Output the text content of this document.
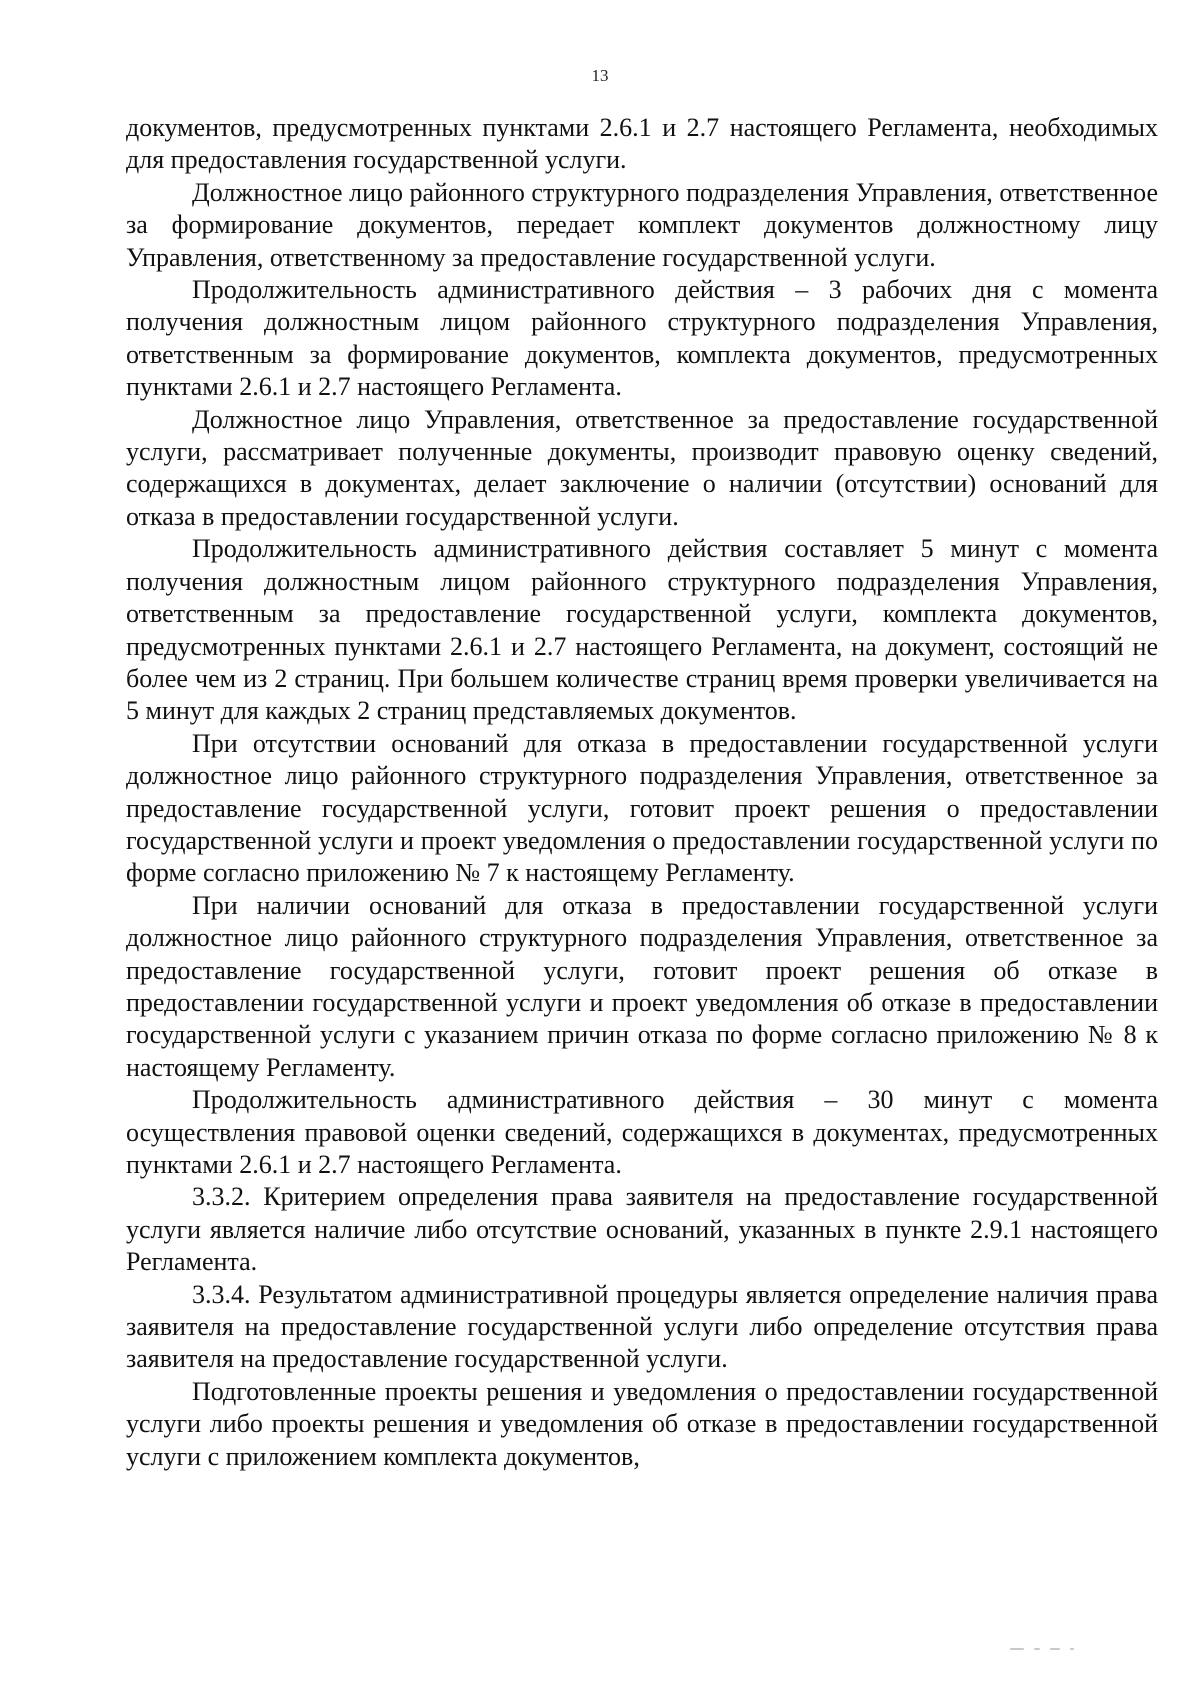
13

документов, предусмотренных пунктами 2.6.1 и 2.7 настоящего Регламента, необходимых для предоставления государственной услуги.

Должностное лицо районного структурного подразделения Управления, ответственное за формирование документов, передает комплект документов должностному лицу Управления, ответственному за предоставление государственной услуги.

Продолжительность административного действия – 3 рабочих дня с момента получения должностным лицом районного структурного подразделения Управления, ответственным за формирование документов, комплекта документов, предусмотренных пунктами 2.6.1 и 2.7 настоящего Регламента.

Должностное лицо Управления, ответственное за предоставление государственной услуги, рассматривает полученные документы, производит правовую оценку сведений, содержащихся в документах, делает заключение о наличии (отсутствии) оснований для отказа в предоставлении государственной услуги.

Продолжительность административного действия составляет 5 минут с момента получения должностным лицом районного структурного подразделения Управления, ответственным за предоставление государственной услуги, комплекта документов, предусмотренных пунктами 2.6.1 и 2.7 настоящего Регламента, на документ, состоящий не более чем из 2 страниц. При большем количестве страниц время проверки увеличивается на 5 минут для каждых 2 страниц представляемых документов.

При отсутствии оснований для отказа в предоставлении государственной услуги должностное лицо районного структурного подразделения Управления, ответственное за предоставление государственной услуги, готовит проект решения о предоставлении государственной услуги и проект уведомления о предоставлении государственной услуги по форме согласно приложению № 7 к настоящему Регламенту.

При наличии оснований для отказа в предоставлении государственной услуги должностное лицо районного структурного подразделения Управления, ответственное за предоставление государственной услуги, готовит проект решения об отказе в предоставлении государственной услуги и проект уведомления об отказе в предоставлении государственной услуги с указанием причин отказа по форме согласно приложению № 8 к настоящему Регламенту.

Продолжительность административного действия – 30 минут с момента осуществления правовой оценки сведений, содержащихся в документах, предусмотренных пунктами 2.6.1 и 2.7 настоящего Регламента.

3.3.2. Критерием определения права заявителя на предоставление государственной услуги является наличие либо отсутствие оснований, указанных в пункте 2.9.1 настоящего Регламента.

3.3.4. Результатом административной процедуры является определение наличия права заявителя на предоставление государственной услуги либо определение отсутствия права заявителя на предоставление государственной услуги.

Подготовленные проекты решения и уведомления о предоставлении государственной услуги либо проекты решения и уведомления об отказе в предоставлении государственной услуги с приложением комплекта документов,
